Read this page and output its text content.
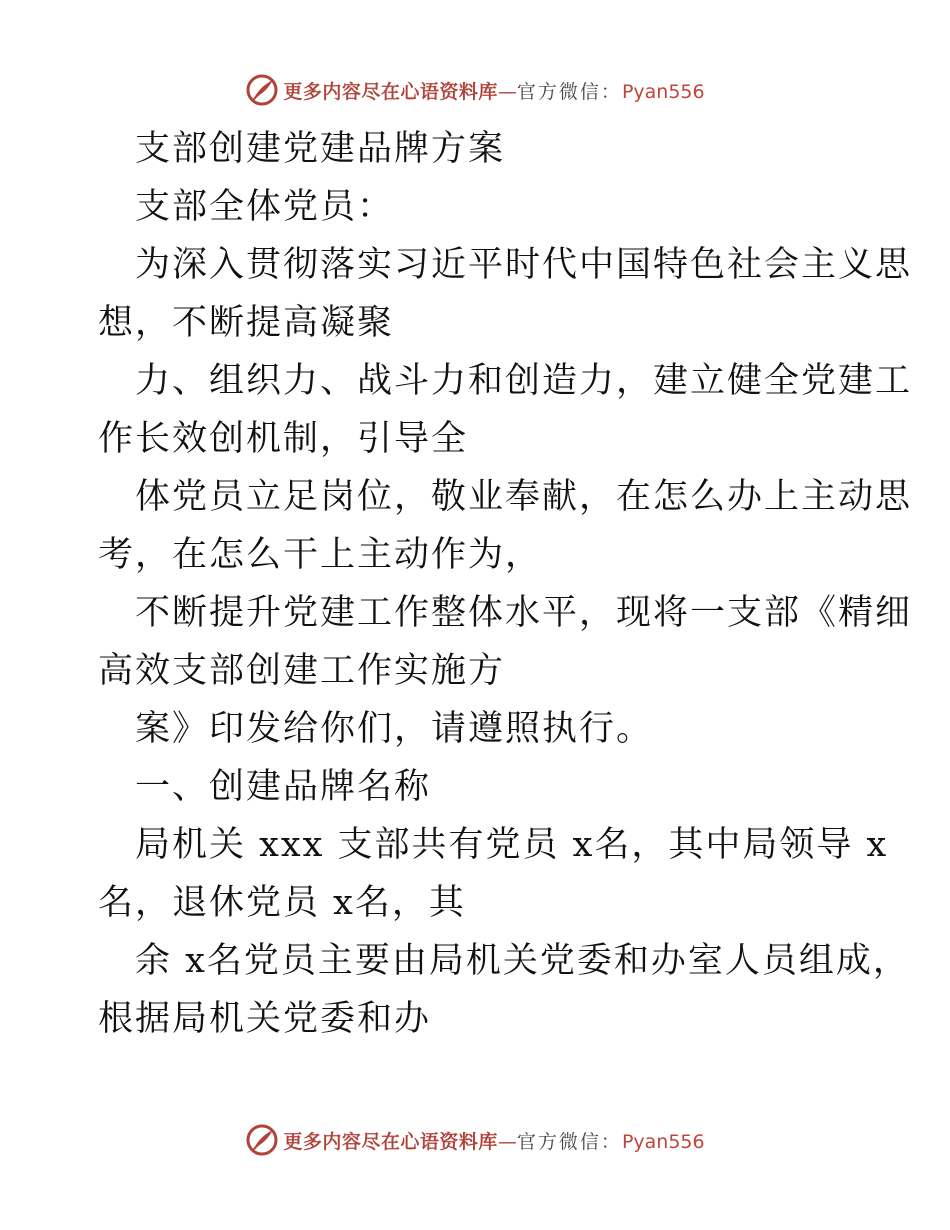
更多内容尽在心语资料库—官方微信：Pyan556
支部创建党建品牌方案
支部全体党员：
为深入贯彻落实习近平时代中国特色社会主义思
想，不断提高凝聚
力、组织力、战斗力和创造力，建立健全党建工
作长效创机制，引导全
体党员立足岗位，敬业奉献，在怎么办上主动思
考，在怎么干上主动作为，
不断提升党建工作整体水平，现将一支部《精细
高效支部创建工作实施方
案》印发给你们，请遵照执行。
一、创建品牌名称
局机关 xxx 支部共有党员 x名，其中局领导 x
名，退休党员 x名，其
余 x名党员主要由局机关党委和办室人员组成，
根据局机关党委和办
更多内容尽在心语资料库—官方微信：Pyan556
